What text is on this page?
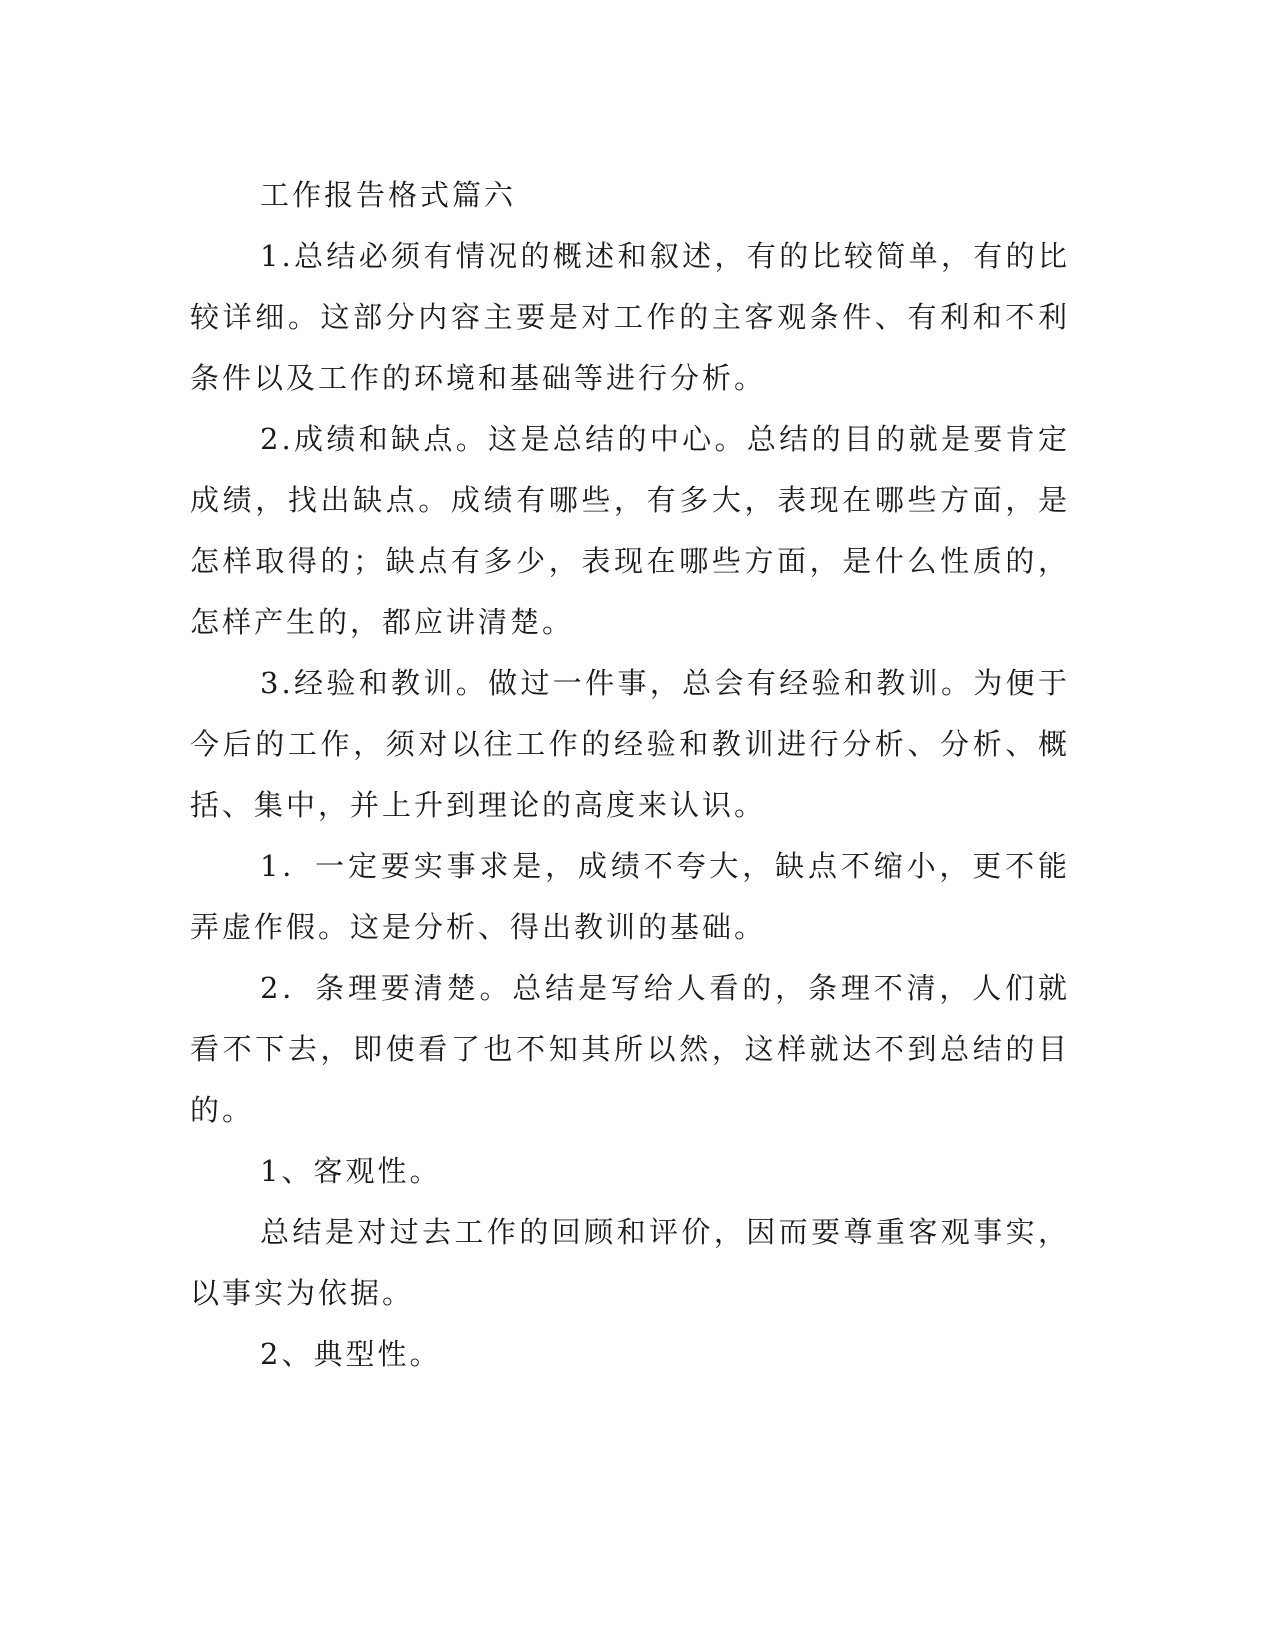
工作报告格式篇六

1.总结必须有情况的概述和叙述，有的比较简单，有的比较详细。这部分内容主要是对工作的主客观条件、有利和不利条件以及工作的环境和基础等进行分析。

2.成绩和缺点。这是总结的中心。总结的目的就是要肯定成绩，找出缺点。成绩有哪些，有多大，表现在哪些方面，是怎样取得的；缺点有多少，表现在哪些方面，是什么性质的，怎样产生的，都应讲清楚。

3.经验和教训。做过一件事，总会有经验和教训。为便于今后的工作，须对以往工作的经验和教训进行分析、分析、概括、集中，并上升到理论的高度来认识。

1．一定要实事求是，成绩不夸大，缺点不缩小，更不能弄虚作假。这是分析、得出教训的基础。

2．条理要清楚。总结是写给人看的，条理不清，人们就看不下去，即使看了也不知其所以然，这样就达不到总结的目的。

1、客观性。

总结是对过去工作的回顾和评价，因而要尊重客观事实，以事实为依据。

2、典型性。
